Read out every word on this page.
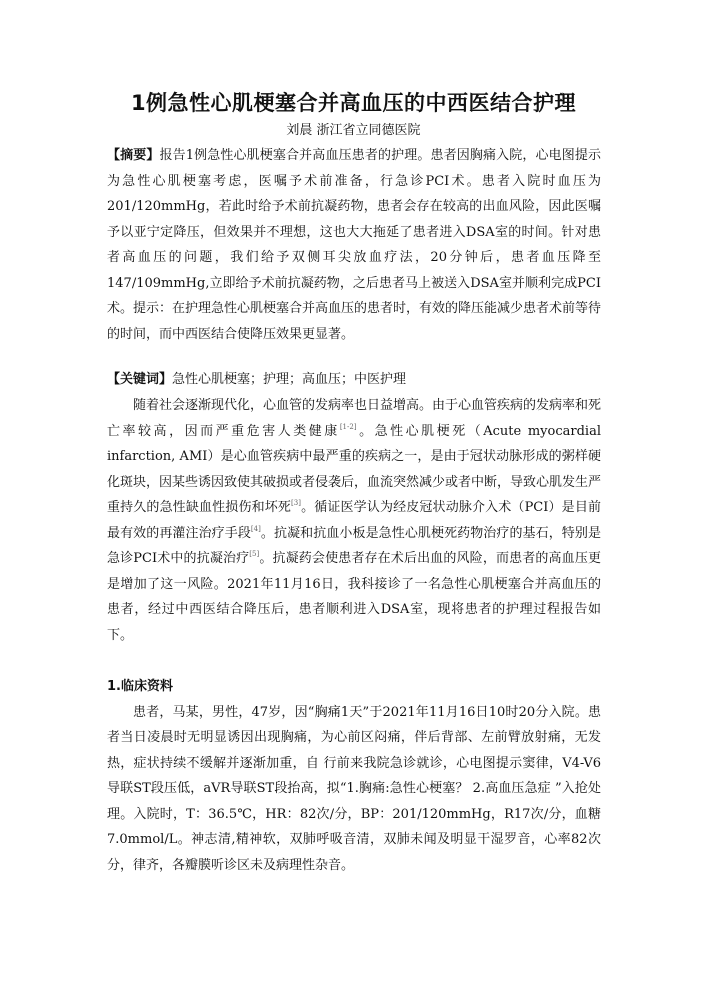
1例急性心肌梗塞合并高血压的中西医结合护理
刘晨 浙江省立同德医院

【摘要】报告1例急性心肌梗塞合并高血压患者的护理。患者因胸痛入院，心电图提示为急性心肌梗塞考虑，医嘱予术前准备，行急诊PCI术。患者入院时血压为201/120mmHg，若此时给予术前抗凝药物，患者会存在较高的出血风险，因此医嘱予以亚宁定降压，但效果并不理想，这也大大拖延了患者进入DSA室的时间。针对患者高血压的问题，我们给予双侧耳尖放血疗法，20分钟后，患者血压降至147/109mmHg,立即给予术前抗凝药物，之后患者马上被送入DSA室并顺利完成PCI术。提示：在护理急性心肌梗塞合并高血压的患者时，有效的降压能减少患者术前等待的时间，而中西医结合使降压效果更显著。

【关键词】急性心肌梗塞；护理；高血压；中医护理

随着社会逐渐现代化，心血管的发病率也日益增高。由于心血管疾病的发病率和死亡率较高，因而严重危害人类健康[1-2]。急性心肌梗死（Acute myocardial infarction, AMI）是心血管疾病中最严重的疾病之一，是由于冠状动脉形成的粥样硬化斑块，因某些诱因致使其破损或者侵袭后，血流突然减少或者中断，导致心肌发生严重持久的急性缺血性损伤和坏死[3]。循证医学认为经皮冠状动脉介入术（PCI）是目前最有效的再灌注治疗手段[4]。抗凝和抗血小板是急性心肌梗死药物治疗的基石，特别是急诊PCI术中的抗凝治疗[5]。抗凝药会使患者存在术后出血的风险，而患者的高血压更是增加了这一风险。2021年11月16日，我科接诊了一名急性心肌梗塞合并高血压的患者，经过中西医结合降压后，患者顺利进入DSA室，现将患者的护理过程报告如下。

1.临床资料

患者，马某，男性，47岁，因“胸痛1天”于2021年11月16日10时20分入院。患者当日凌晨时无明显诱因出现胸痛，为心前区闷痛，伴后背部、左前臂放射痛，无发热，症状持续不缓解并逐渐加重，自 行前来我院急诊就诊，心电图提示窦律，V4-V6导联ST段压低，aVR导联ST段抬高，拟“1.胸痛:急性心梗塞？ 2.高血压急症 ”入抢处理。入院时，T：36.5℃，HR：82次/分，BP：201/120mmHg，R17次/分，血糖7.0mmol/L。神志清,精神软，双肺呼吸音清，双肺未闻及明显干湿罗音，心率82次分，律齐，各瓣膜听诊区未及病理性杂音。
